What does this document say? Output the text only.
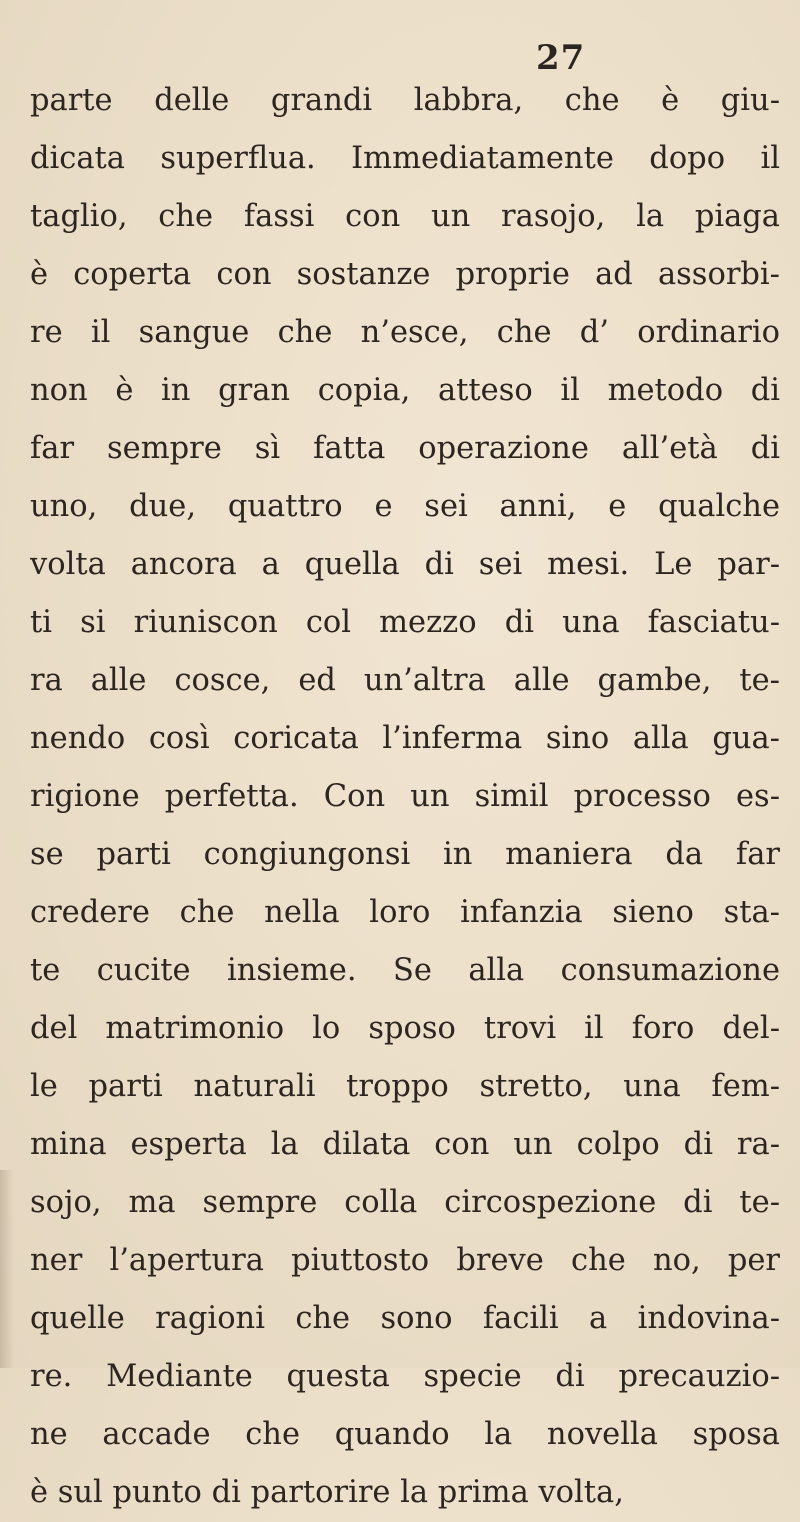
27
parte delle grandi labbra, che è giu-
dicata superflua. Immediatamente dopo il
taglio, che fassi con un rasojo, la piaga
è coperta con sostanze proprie ad assorbi-
re il sangue che n’esce, che d’ ordinario
non è in gran copia, atteso il metodo di
far sempre sì fatta operazione all’età di
uno, due, quattro e sei anni, e qualche
volta ancora a quella di sei mesi. Le par-
ti si riuniscon col mezzo di una fasciatu-
ra alle cosce, ed un’altra alle gambe, te-
nendo così coricata l’inferma sino alla gua-
rigione perfetta. Con un simil processo es-
se parti congiungonsi in maniera da far
credere che nella loro infanzia sieno sta-
te cucite insieme. Se alla consumazione
del matrimonio lo sposo trovi il foro del-
le parti naturali troppo stretto, una fem-
mina esperta la dilata con un colpo di ra-
sojo, ma sempre colla circospezione di te-
ner l’apertura piuttosto breve che no, per
quelle ragioni che sono facili a indovina-
re. Mediante questa specie di precauzio-
ne accade che quando la novella sposa
è sul punto di partorire la prima volta,
